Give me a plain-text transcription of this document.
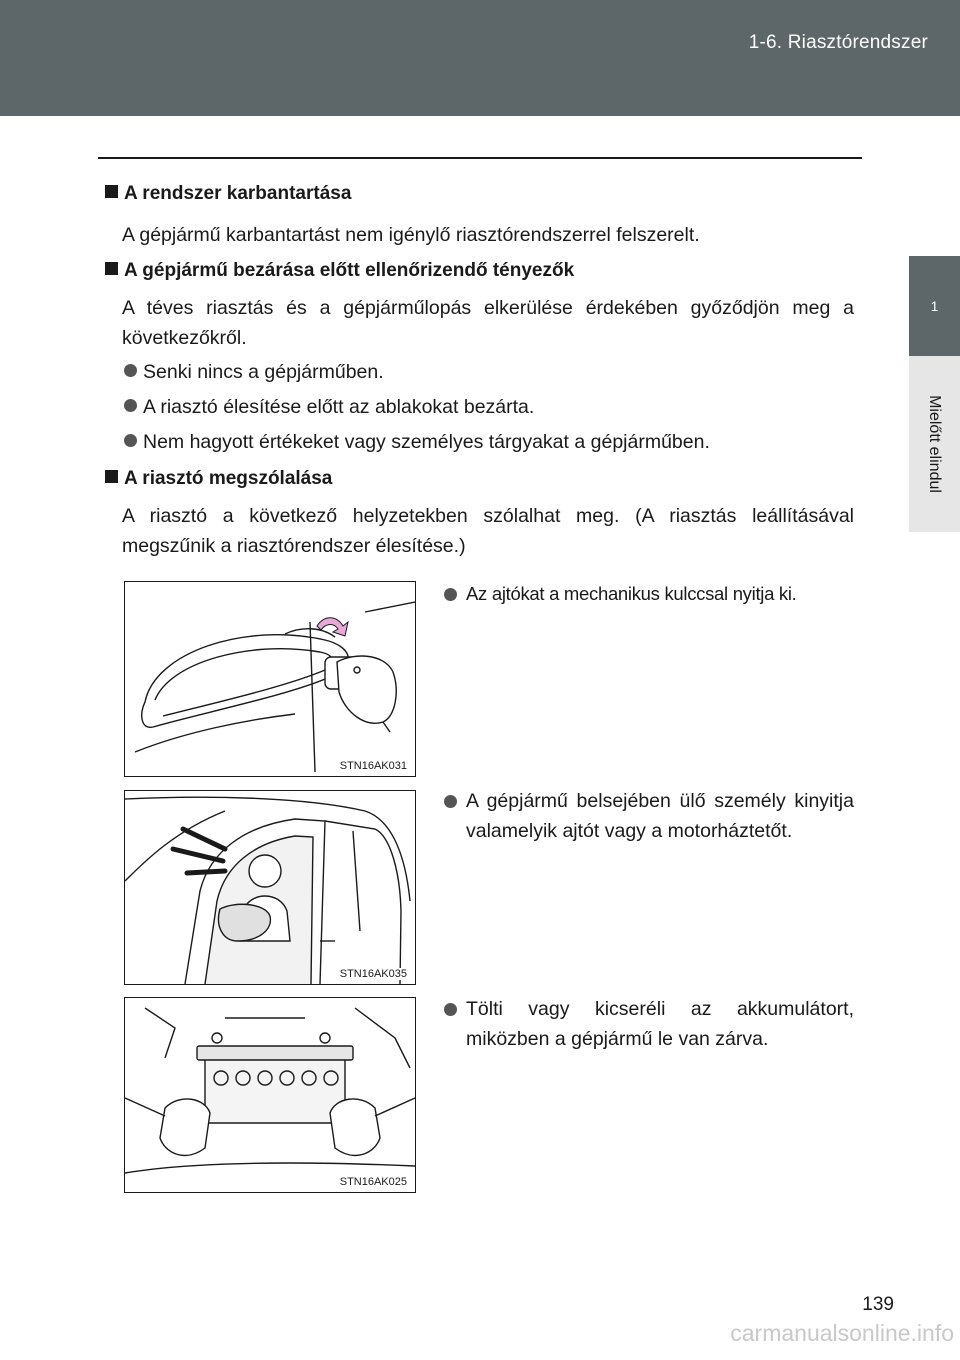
1-6. Riasztórendszer
1
Mielőtt elindul
A rendszer karbantartása
A gépjármű karbantartást nem igénylő riasztórendszerrel felszerelt.
A gépjármű bezárása előtt ellenőrizendő tényezők
A téves riasztás és a gépjárműlopás elkerülése érdekében győződjön meg a következőkről.
Senki nincs a gépjárműben.
A riasztó élesítése előtt az ablakokat bezárta.
Nem hagyott értékeket vagy személyes tárgyakat a gépjárműben.
A riasztó megszólalása
A riasztó a következő helyzetekben szólalhat meg. (A riasztás leállításával megszűnik a riasztórendszer élesítése.)
STN16AK031
Az ajtókat a mechanikus kulccsal nyitja ki.
STN16AK035
A gépjármű belsejében ülő személy kinyitja valamelyik ajtót vagy a motorháztetőt.
STN16AK025
Tölti vagy kicseréli az akkumulátort, miközben a gépjármű le van zárva.
139
carmanualsonline.info
